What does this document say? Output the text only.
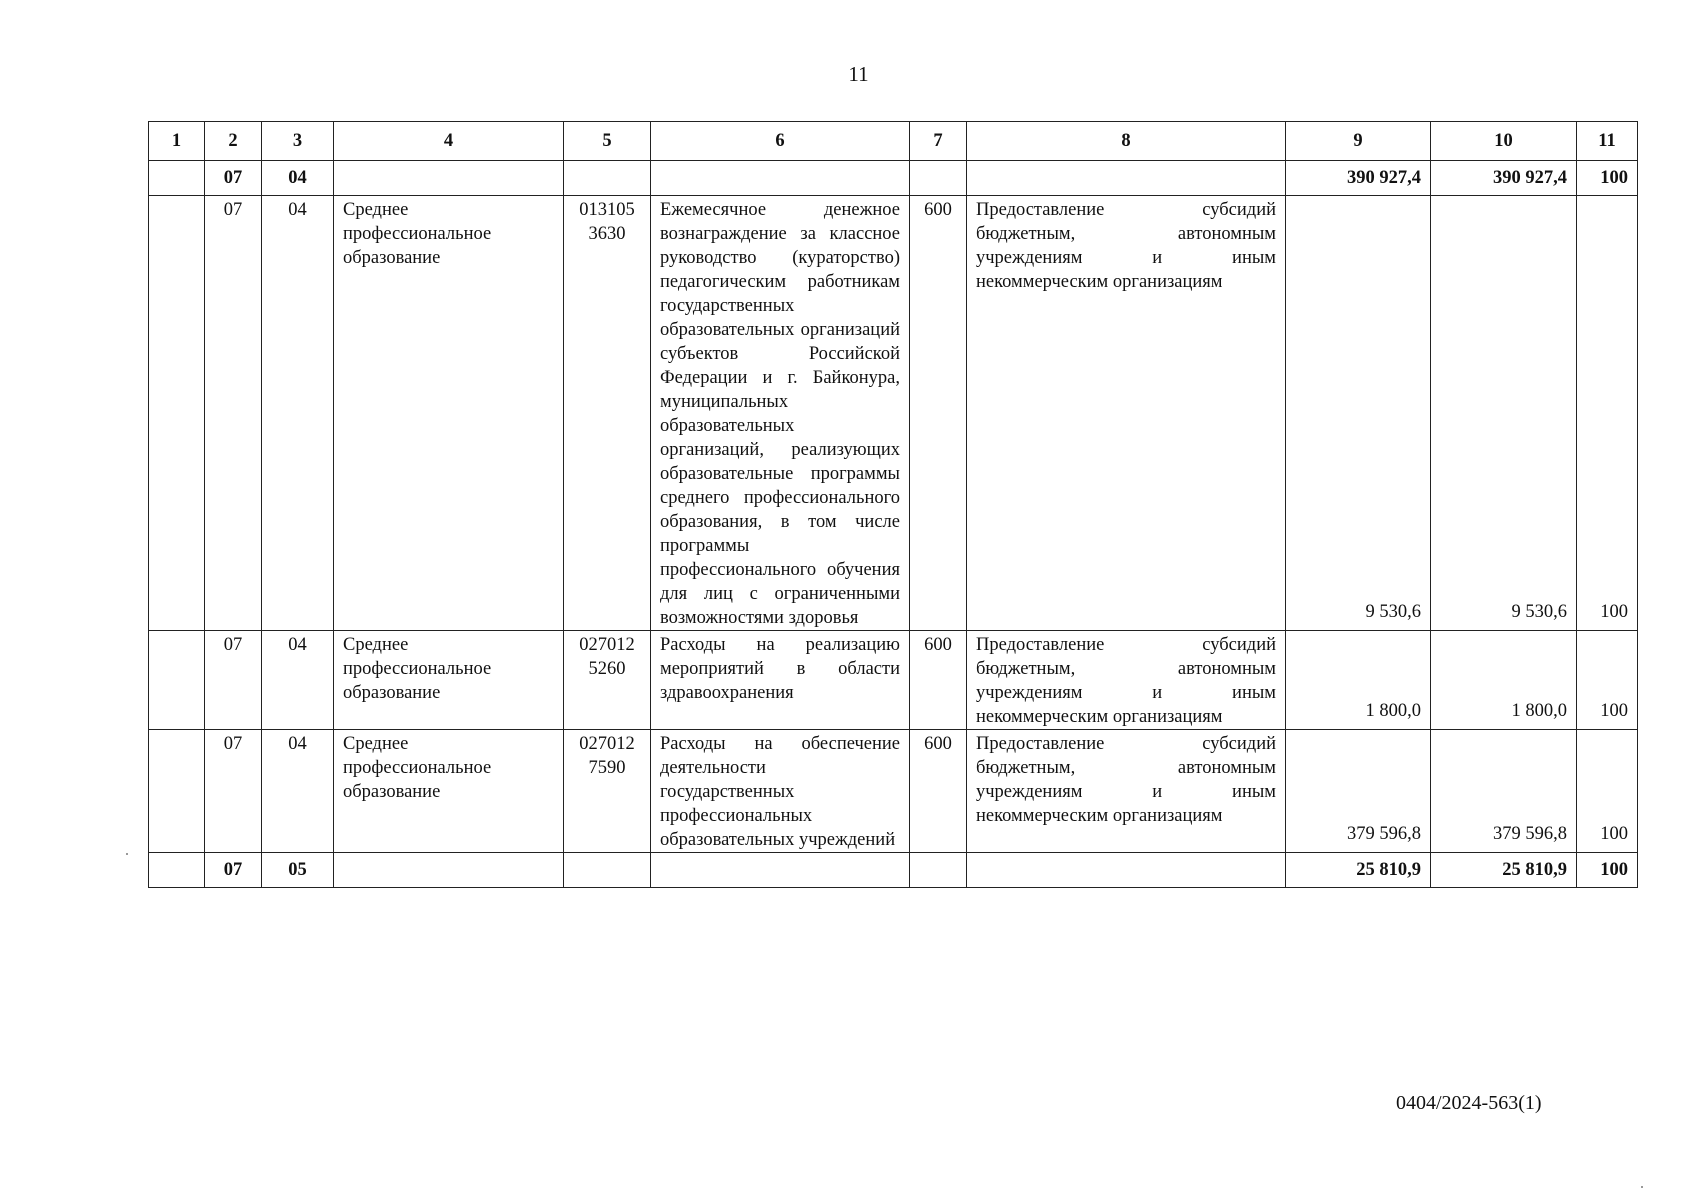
11
1	2	3	4	5	6	7	8	9	10	11
	07	04						390 927,4	390 927,4	100
	07	04	Среднее профессиональное образование	013105 3630	Ежемесячное денежное вознаграждение за классное руководство (кураторство) педагогическим работникам государственных образовательных организаций субъектов Российской Федерации и г. Байконура, муниципальных образовательных организаций, реализующих образовательные программы среднего профессионального образования, в том числе программы профессионального обучения для лиц с ограниченными возможностями здоровья	600	Предоставление субсидий бюджетным, автономным учреждениям и иным некоммерческим организациям	9 530,6	9 530,6	100
	07	04	Среднее профессиональное образование	027012 5260	Расходы на реализацию мероприятий в области здравоохранения	600	Предоставление субсидий бюджетным, автономным учреждениям и иным некоммерческим организациям	1 800,0	1 800,0	100
	07	04	Среднее профессиональное образование	027012 7590	Расходы на обеспечение деятельности государственных профессиональных образовательных учреждений	600	Предоставление субсидий бюджетным, автономным учреждениям и иным некоммерческим организациям	379 596,8	379 596,8	100
	07	05						25 810,9	25 810,9	100
0404/2024-563(1)
